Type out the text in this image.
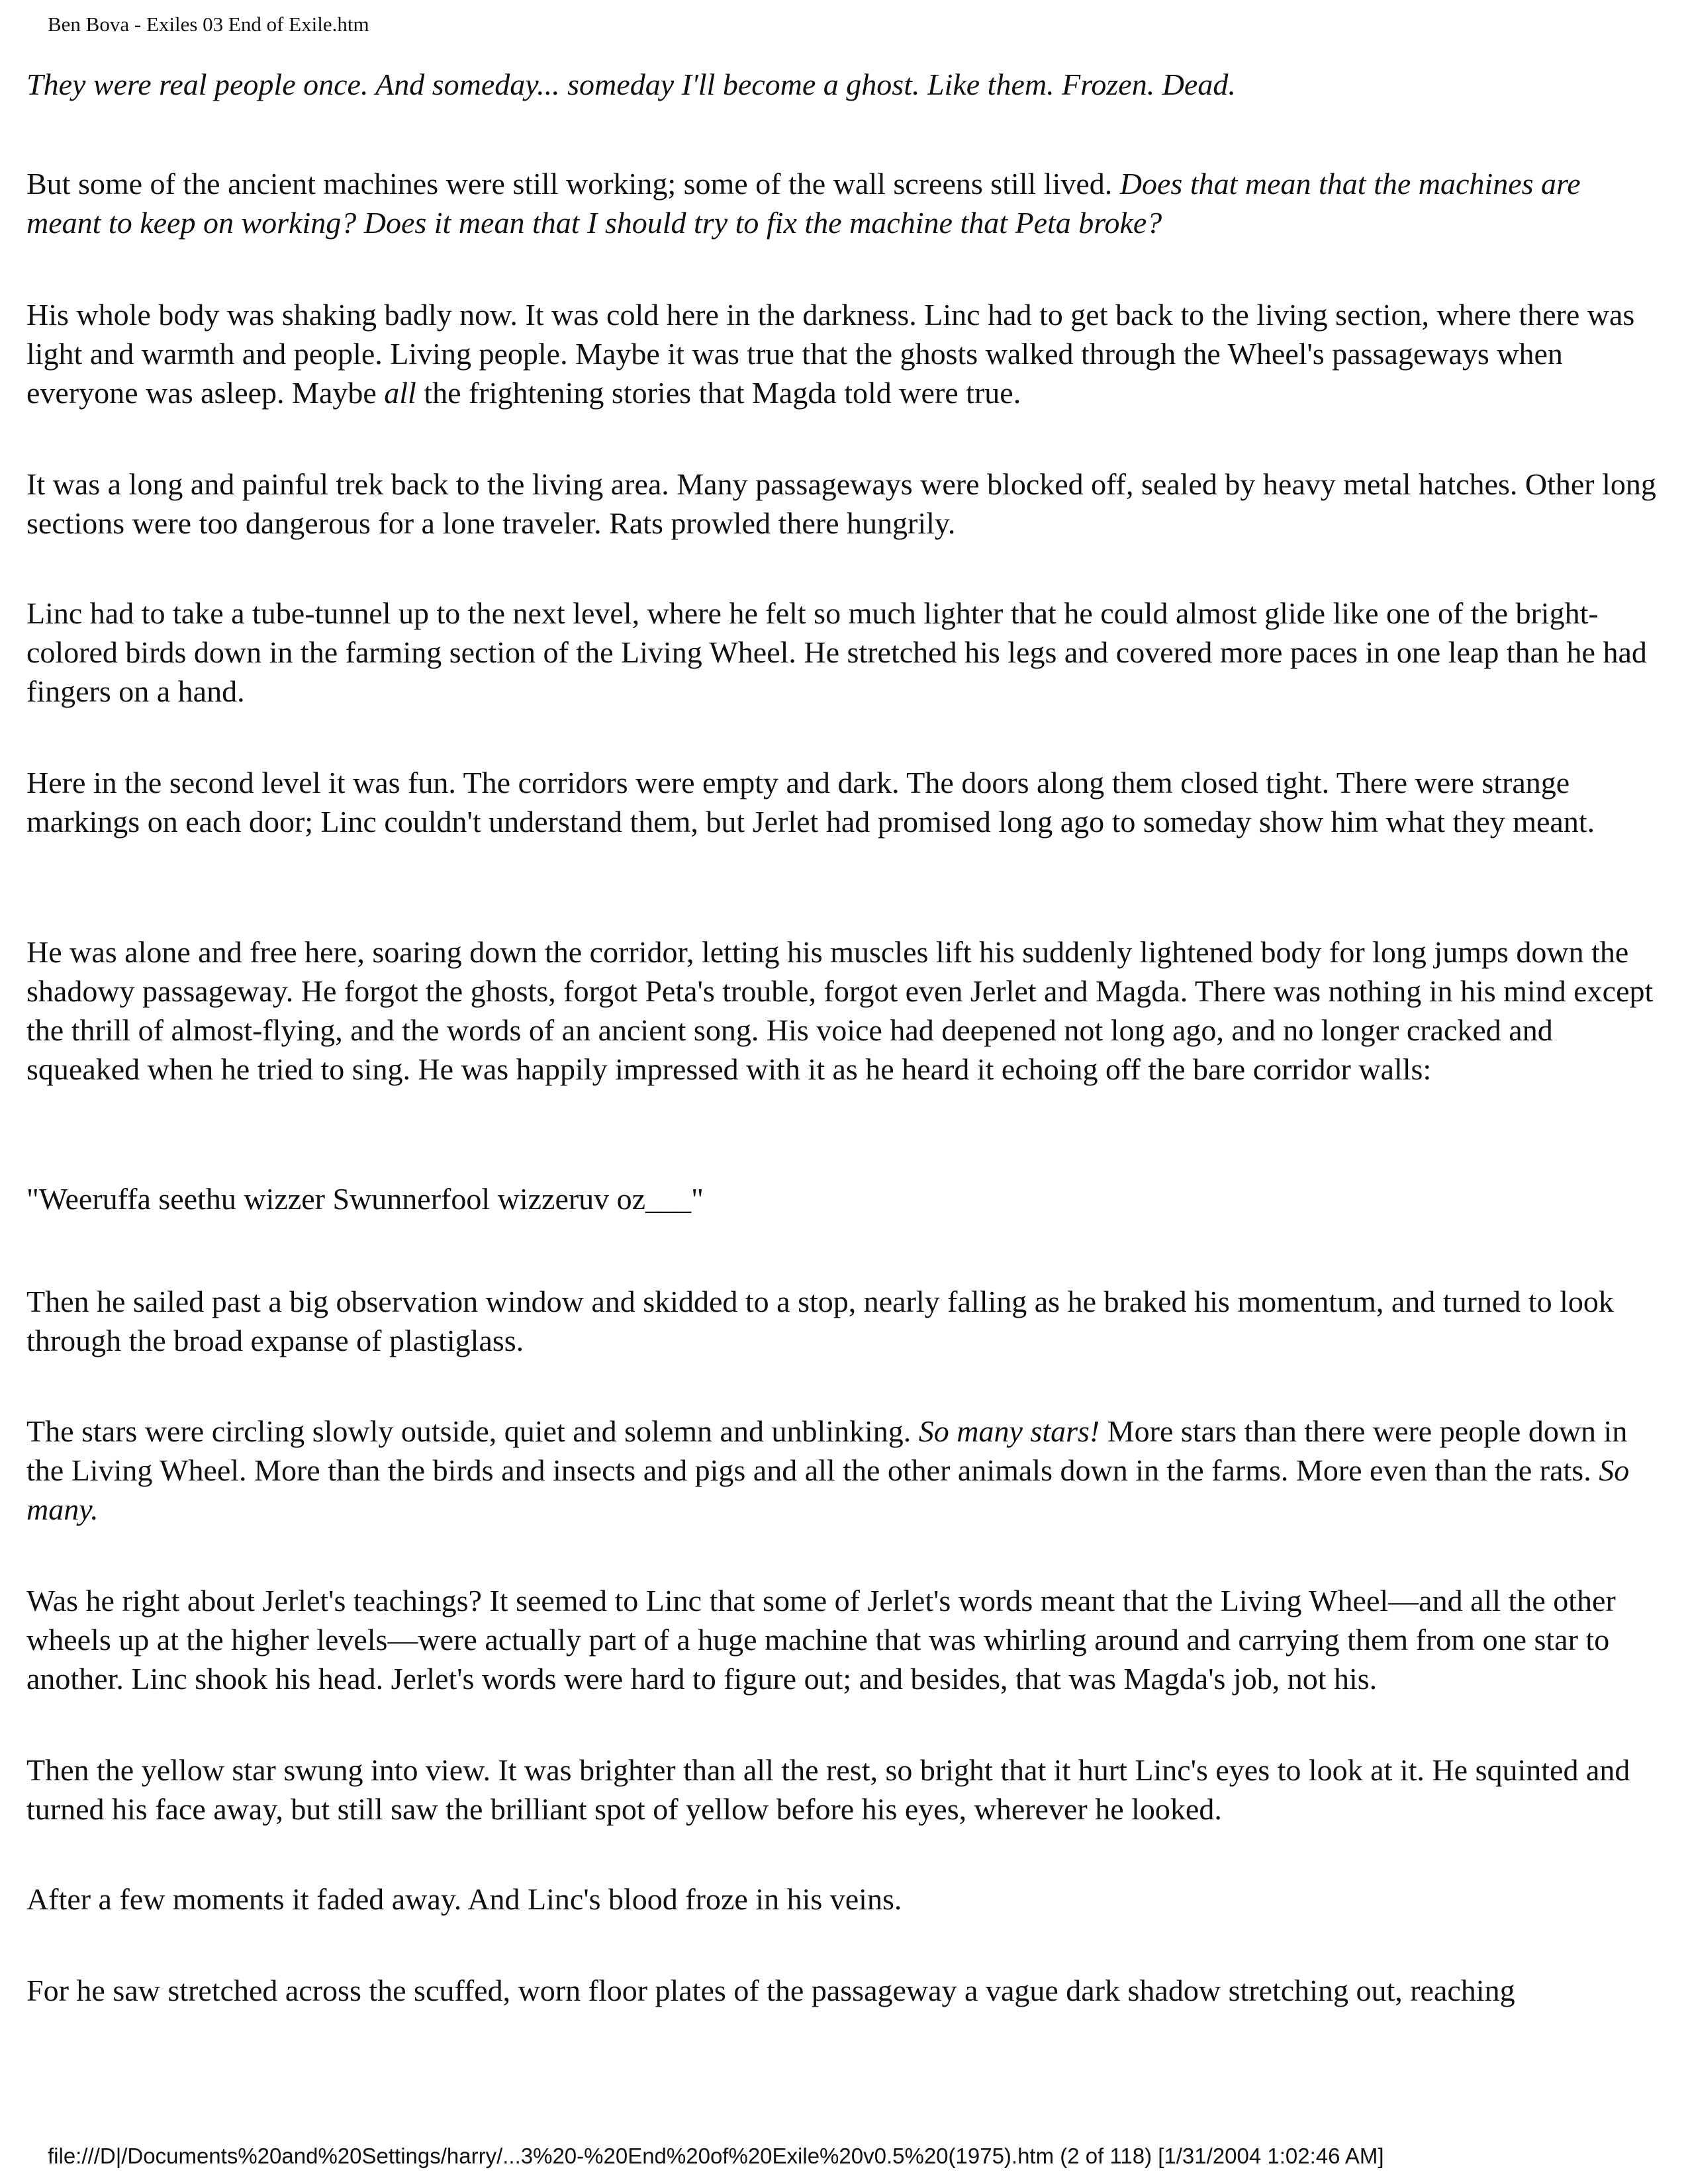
Ben Bova - Exiles 03 End of Exile.htm

They were real people once. And someday... someday I'll become a ghost. Like them. Frozen. Dead.

But some of the ancient machines were still working; some of the wall screens still lived. Does that mean that the machines are meant to keep on working? Does it mean that I should try to fix the machine that Peta broke?

His whole body was shaking badly now. It was cold here in the darkness. Linc had to get back to the living section, where there was light and warmth and people. Living people. Maybe it was true that the ghosts walked through the Wheel's passageways when everyone was asleep. Maybe all the frightening stories that Magda told were true.

It was a long and painful trek back to the living area. Many passageways were blocked off, sealed by heavy metal hatches. Other long sections were too dangerous for a lone traveler. Rats prowled there hungrily.

Linc had to take a tube-tunnel up to the next level, where he felt so much lighter that he could almost glide like one of the bright-colored birds down in the farming section of the Living Wheel. He stretched his legs and covered more paces in one leap than he had fingers on a hand.

Here in the second level it was fun. The corridors were empty and dark. The doors along them closed tight. There were strange markings on each door; Linc couldn't understand them, but Jerlet had promised long ago to someday show him what they meant.

He was alone and free here, soaring down the corridor, letting his muscles lift his suddenly lightened body for long jumps down the shadowy passageway. He forgot the ghosts, forgot Peta's trouble, forgot even Jerlet and Magda. There was nothing in his mind except the thrill of almost-flying, and the words of an ancient song. His voice had deepened not long ago, and no longer cracked and squeaked when he tried to sing. He was happily impressed with it as he heard it echoing off the bare corridor walls:

"Weeruffa seethu wizzer Swunnerfool wizzeruv oz___"

Then he sailed past a big observation window and skidded to a stop, nearly falling as he braked his momentum, and turned to look through the broad expanse of plastiglass.

The stars were circling slowly outside, quiet and solemn and unblinking. So many stars! More stars than there were people down in the Living Wheel. More than the birds and insects and pigs and all the other animals down in the farms. More even than the rats. So many.

Was he right about Jerlet's teachings? It seemed to Linc that some of Jerlet's words meant that the Living Wheel—and all the other wheels up at the higher levels—were actually part of a huge machine that was whirling around and carrying them from one star to another. Linc shook his head. Jerlet's words were hard to figure out; and besides, that was Magda's job, not his.

Then the yellow star swung into view. It was brighter than all the rest, so bright that it hurt Linc's eyes to look at it. He squinted and turned his face away, but still saw the brilliant spot of yellow before his eyes, wherever he looked.

After a few moments it faded away. And Linc's blood froze in his veins.

For he saw stretched across the scuffed, worn floor plates of the passageway a vague dark shadow stretching out, reaching

file:///D|/Documents%20and%20Settings/harry/...3%20-%20End%20of%20Exile%20v0.5%20(1975).htm (2 of 118) [1/31/2004 1:02:46 AM]
